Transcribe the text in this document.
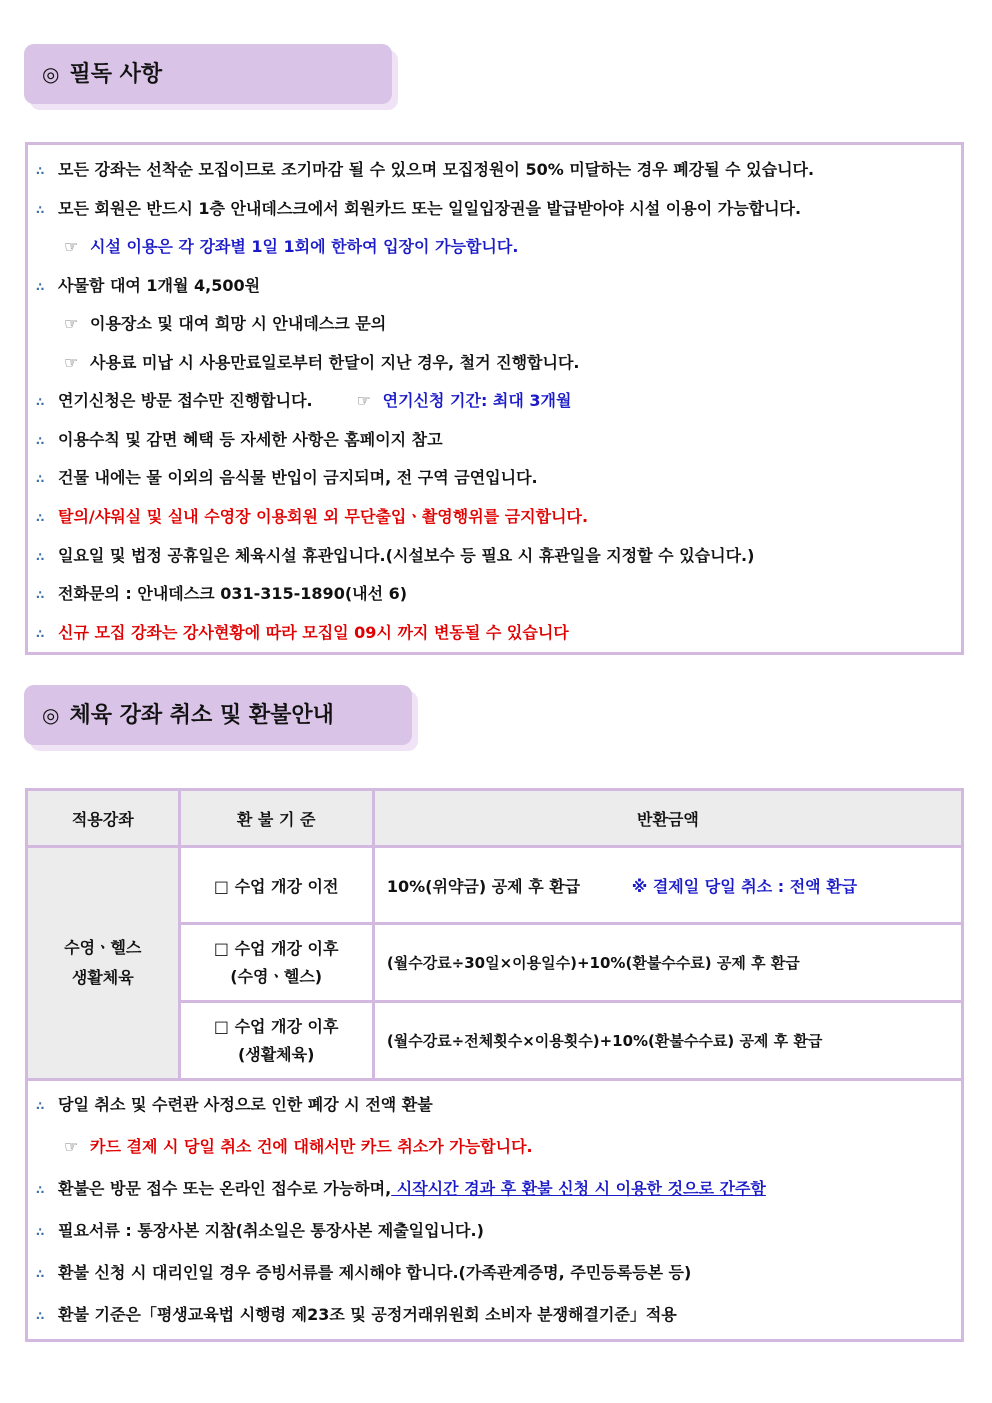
◎ 필독 사항
∴ 모든 강좌는 선착순 모집이므로 조기마감 될 수 있으며 모집정원이 50% 미달하는 경우 폐강될 수 있습니다.
∴ 모든 회원은 반드시 1층 안내데스크에서 회원카드 또는 일일입장권을 발급받아야 시설 이용이 가능합니다.
☞ 시설 이용은 각 강좌별 1일 1회에 한하여 입장이 가능합니다.
∴ 사물함 대여 1개월 4,500원
☞ 이용장소 및 대여 희망 시 안내데스크 문의
☞ 사용료 미납 시 사용만료일로부터 한달이 지난 경우, 철거 진행합니다.
∴ 연기신청은 방문 접수만 진행합니다.	☞ 연기신청 기간: 최대 3개월
∴ 이용수칙 및 감면 혜택 등 자세한 사항은 홈페이지 참고
∴ 건물 내에는 물 이외의 음식물 반입이 금지되며, 전 구역 금연입니다.
∴ 탈의/샤워실 및 실내 수영장 이용회원 외 무단출입ㆍ촬영행위를 금지합니다.
∴ 일요일 및 법정 공휴일은 체육시설 휴관입니다.(시설보수 등 필요 시 휴관일을 지정할 수 있습니다.)
∴ 전화문의 : 안내데스크 031-315-1890(내선 6)
∴ 신규 모집 강좌는 강사현황에 따라 모집일 09시 까지 변동될 수 있습니다
◎ 체육 강좌 취소 및 환불안내
적용강좌	환 불 기 준	반환금액

수영ㆍ헬스
생활체육	□ 수업 개강 이전	10%(위약금) 공제 후 환급 ※ 결제일 당일 취소 : 전액 환급

	□ 수업 개강 이후
(수영ㆍ헬스)	(월수강료÷30일×이용일수)+10%(환불수수료) 공제 후 환급

	□ 수업 개강 이후
(생활체육)	(월수강료÷전체횟수×이용횟수)+10%(환불수수료) 공제 후 환급
∴ 당일 취소 및 수련관 사정으로 인한 폐강 시 전액 환불
☞ 카드 결제 시 당일 취소 건에 대해서만 카드 취소가 가능합니다.
∴ 환불은 방문 접수 또는 온라인 접수로 가능하며, 시작시간 경과 후 환불 신청 시 이용한 것으로 간주함
∴ 필요서류 : 통장사본 지참(취소일은 통장사본 제출일입니다.)
∴ 환불 신청 시 대리인일 경우 증빙서류를 제시해야 합니다.(가족관계증명, 주민등록등본 등)
∴ 환불 기준은「평생교육법 시행령 제23조 및 공정거래위원회 소비자 분쟁해결기준」적용
